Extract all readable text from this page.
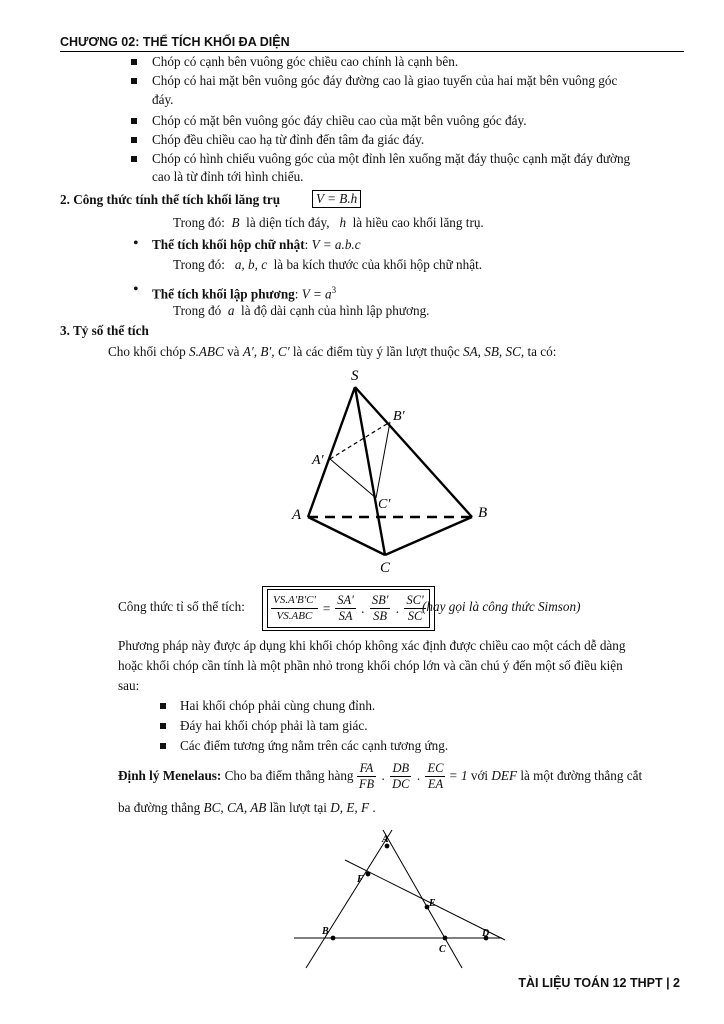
CHƯƠNG 02: THỂ TÍCH KHỐI ĐA DIỆN
Chóp có cạnh bên vuông góc chiều cao chính là cạnh bên.
Chóp có hai mặt bên vuông góc đáy đường cao là giao tuyến của hai mặt bên vuông góc
đáy.
Chóp có mặt bên vuông góc đáy chiều cao của mặt bên vuông góc đáy.
Chóp đều chiều cao hạ từ đỉnh đến tâm đa giác đáy.
Chóp có hình chiếu vuông góc của một đỉnh lên xuống mặt đáy thuộc cạnh mặt đáy đường
cao là từ đỉnh tới hình chiếu.
2. Công thức tính thể tích khối lăng trụ	V = B.h
Trong đó: B là diện tích đáy, h là hiều cao khối lăng trụ.
• Thể tích khối hộp chữ nhật: V = a.b.c
Trong đó: a, b, c là ba kích thước của khối hộp chữ nhật.
• Thể tích khối lập phương: $V = a^3$
Trong đó a là độ dài cạnh của hình lập phương.
3. Tỷ số thể tích
Cho khối chóp S.ABC và A′, B′, C′ là các điểm tùy ý lần lượt thuộc SA, SB, SC, ta có:
S
A	B
C
A′
B′
C′
Công thức tỉ số thể tích: $\frac{VS.A'B'C'}{\text{VS.ABC}} = \frac{SA'}{SA}$ . $\frac{SB'}{SB}$ . $\frac{SC'}{SC}$
(hay gọi là công thức Simson)
Phương pháp này được áp dụng khi khối chóp không xác định được chiều cao một cách dễ dàng
hoặc khối chóp cần tính là một phần nhỏ trong khối chóp lớn và cần chú ý đến một số điều kiện
sau:
Hai khối chóp phải cùng chung đỉnh.
Đáy hai khối chóp phải là tam giác.
Các điểm tương ứng nằm trên các cạnh tương ứng.
Định lý Menelaus: Cho ba điểm thẳng hàng $\frac{FA}{FB}$ . $\frac{DB}{DC}$ . $\frac{EC}{EA} = 1$ với DEF là một đường thẳng cắt
ba đường thẳng BC, CA, AB lần lượt tại D, E, F .
A
F
E
B
C
D
TÀI LIỆU TOÁN 12 THPT | 2
